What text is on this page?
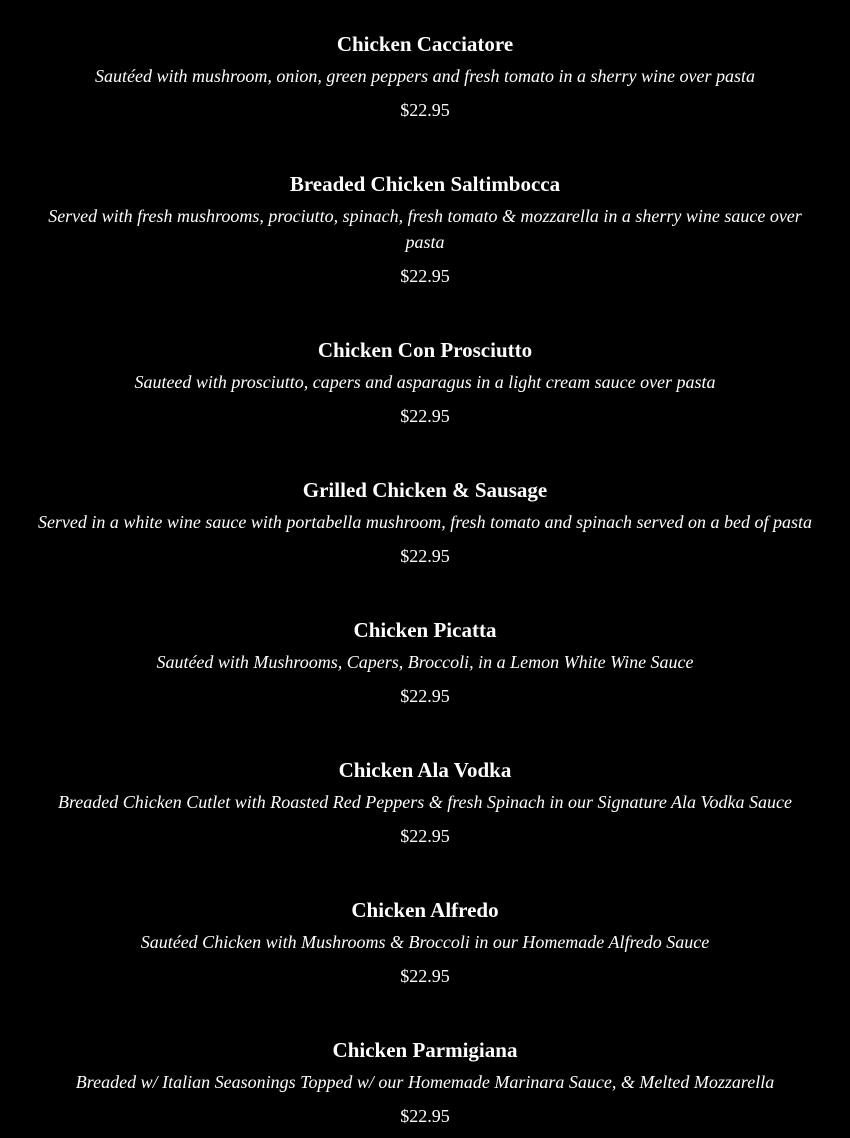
Chicken Cacciatore
Sautéed with mushroom, onion, green peppers and fresh tomato in a sherry wine over pasta
$22.95
Breaded Chicken Saltimbocca
Served with fresh mushrooms, prociutto, spinach, fresh tomato & mozzarella in a sherry wine sauce over pasta
$22.95
Chicken Con Prosciutto
Sauteed with prosciutto, capers and asparagus in a light cream sauce over pasta
$22.95
Grilled Chicken & Sausage
Served in a white wine sauce with portabella mushroom, fresh tomato and spinach served on a bed of pasta
$22.95
Chicken Picatta
Sautéed with Mushrooms, Capers, Broccoli, in a Lemon White Wine Sauce
$22.95
Chicken Ala Vodka
Breaded Chicken Cutlet with Roasted Red Peppers & fresh Spinach in our Signature Ala Vodka Sauce
$22.95
Chicken Alfredo
Sautéed Chicken with Mushrooms & Broccoli in our Homemade Alfredo Sauce
$22.95
Chicken Parmigiana
Breaded w/ Italian Seasonings Topped w/ our Homemade Marinara Sauce, & Melted Mozzarella
$22.95
